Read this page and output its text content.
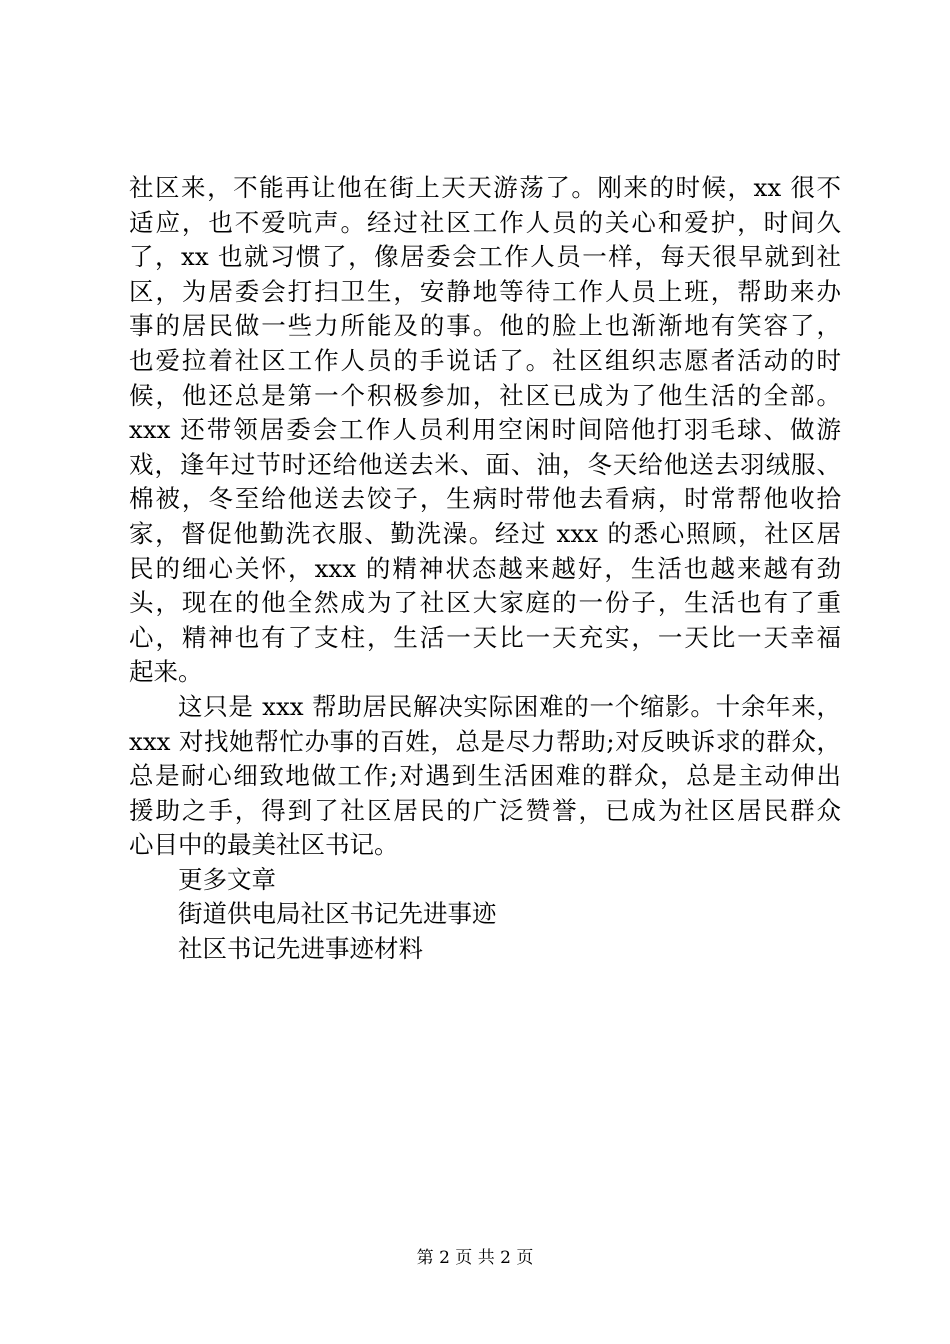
社区来，不能再让他在街上天天游荡了。刚来的时候，xx 很不
适应，也不爱吭声。经过社区工作人员的关心和爱护，时间久
了，xx 也就习惯了，像居委会工作人员一样，每天很早就到社
区，为居委会打扫卫生，安静地等待工作人员上班，帮助来办
事的居民做一些力所能及的事。他的脸上也渐渐地有笑容了，
也爱拉着社区工作人员的手说话了。社区组织志愿者活动的时
候，他还总是第一个积极参加，社区已成为了他生活的全部。
xxx 还带领居委会工作人员利用空闲时间陪他打羽毛球、做游
戏，逢年过节时还给他送去米、面、油，冬天给他送去羽绒服、
棉被，冬至给他送去饺子，生病时带他去看病，时常帮他收拾
家，督促他勤洗衣服、勤洗澡。经过 xxx 的悉心照顾，社区居
民的细心关怀，xxx 的精神状态越来越好，生活也越来越有劲
头，现在的他全然成为了社区大家庭的一份子，生活也有了重
心，精神也有了支柱，生活一天比一天充实，一天比一天幸福
起来。
这只是 xxx 帮助居民解决实际困难的一个缩影。十余年来，
xxx 对找她帮忙办事的百姓，总是尽力帮助;对反映诉求的群众，
总是耐心细致地做工作;对遇到生活困难的群众，总是主动伸出
援助之手，得到了社区居民的广泛赞誉，已成为社区居民群众
心目中的最美社区书记。
更多文章
街道供电局社区书记先进事迹
社区书记先进事迹材料
第 2 页 共 2 页
